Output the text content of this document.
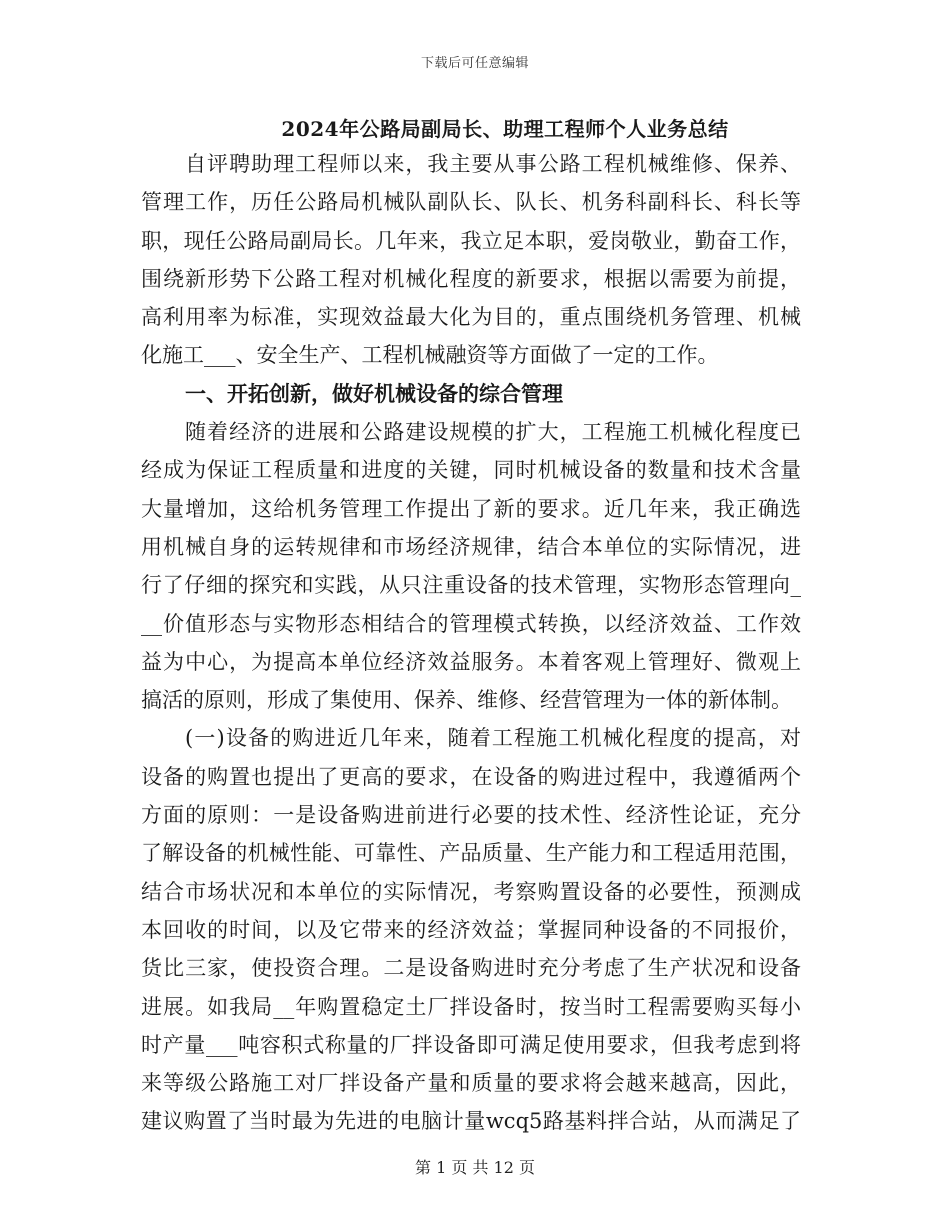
下载后可任意编辑
2024年公路局副局长、助理工程师个人业务总结
自评聘助理工程师以来，我主要从事公路工程机械维修、保养、
管理工作，历任公路局机械队副队长、队长、机务科副科长、科长等
职，现任公路局副局长。几年来，我立足本职，爱岗敬业，勤奋工作，
围绕新形势下公路工程对机械化程度的新要求，根据以需要为前提，
高利用率为标准，实现效益最大化为目的，重点围绕机务管理、机械
化施工___、安全生产、工程机械融资等方面做了一定的工作。
一、开拓创新，做好机械设备的综合管理
随着经济的进展和公路建设规模的扩大，工程施工机械化程度已
经成为保证工程质量和进度的关键，同时机械设备的数量和技术含量
大量增加，这给机务管理工作提出了新的要求。近几年来，我正确选
用机械自身的运转规律和市场经济规律，结合本单位的实际情况，进
行了仔细的探究和实践，从只注重设备的技术管理，实物形态管理向_
__价值形态与实物形态相结合的管理模式转换，以经济效益、工作效
益为中心，为提高本单位经济效益服务。本着客观上管理好、微观上
搞活的原则，形成了集使用、保养、维修、经营管理为一体的新体制。
(一)设备的购进近几年来，随着工程施工机械化程度的提高，对
设备的购置也提出了更高的要求，在设备的购进过程中，我遵循两个
方面的原则：一是设备购进前进行必要的技术性、经济性论证，充分
了解设备的机械性能、可靠性、产品质量、生产能力和工程适用范围，
结合市场状况和本单位的实际情况，考察购置设备的必要性，预测成
本回收的时间，以及它带来的经济效益；掌握同种设备的不同报价，
货比三家，使投资合理。二是设备购进时充分考虑了生产状况和设备
进展。如我局__年购置稳定土厂拌设备时，按当时工程需要购买每小
时产量___吨容积式称量的厂拌设备即可满足使用要求，但我考虑到将
来等级公路施工对厂拌设备产量和质量的要求将会越来越高，因此，
建议购置了当时最为先进的电脑计量wcq5路基料拌合站，从而满足了
第 1 页 共 12 页
